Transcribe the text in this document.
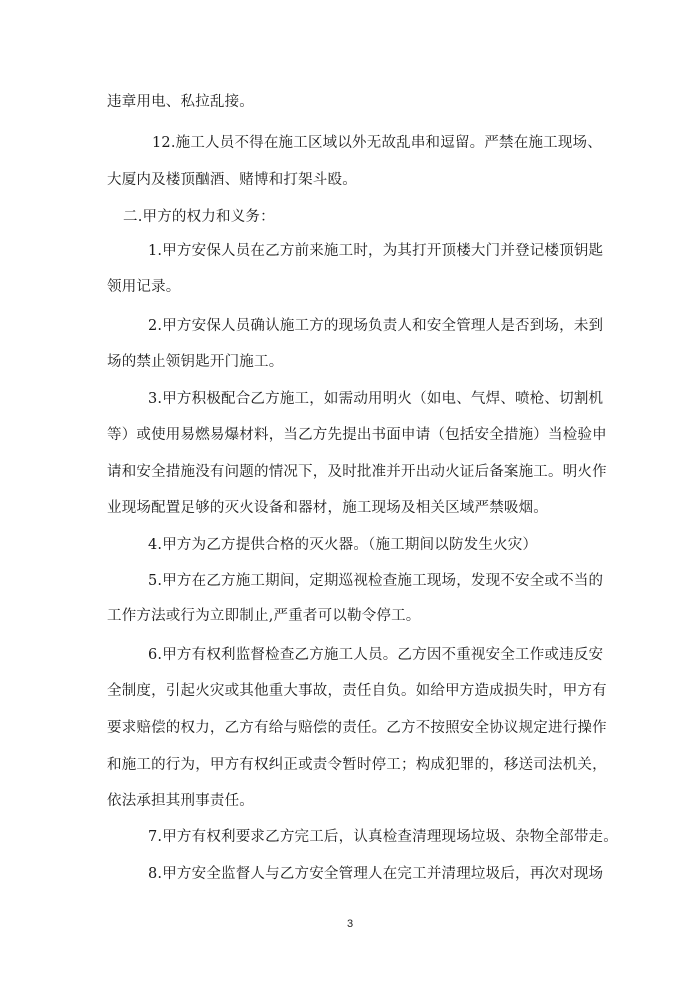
违章用电、私拉乱接。
12.施工人员不得在施工区域以外无故乱串和逗留。严禁在施工现场、
大厦内及楼顶酗酒、赌博和打架斗殴。
二.甲方的权力和义务：
1.甲方安保人员在乙方前来施工时，为其打开顶楼大门并登记楼顶钥匙
领用记录。
2.甲方安保人员确认施工方的现场负责人和安全管理人是否到场，未到
场的禁止领钥匙开门施工。
3.甲方积极配合乙方施工，如需动用明火（如电、气焊、喷枪、切割机
等）或使用易燃易爆材料，当乙方先提出书面申请（包括安全措施）当检验申
请和安全措施没有问题的情况下，及时批准并开出动火证后备案施工。明火作
业现场配置足够的灭火设备和器材，施工现场及相关区域严禁吸烟。
4.甲方为乙方提供合格的灭火器。（施工期间以防发生火灾）
5.甲方在乙方施工期间，定期巡视检查施工现场，发现不安全或不当的
工作方法或行为立即制止,严重者可以勒令停工。
6.甲方有权利监督检查乙方施工人员。乙方因不重视安全工作或违反安
全制度，引起火灾或其他重大事故，责任自负。如给甲方造成损失时，甲方有
要求赔偿的权力，乙方有给与赔偿的责任。乙方不按照安全协议规定进行操作
和施工的行为，甲方有权纠正或责令暂时停工；构成犯罪的，移送司法机关，
依法承担其刑事责任。
7.甲方有权利要求乙方完工后，认真检查清理现场垃圾、杂物全部带走。
8.甲方安全监督人与乙方安全管理人在完工并清理垃圾后，再次对现场
3
